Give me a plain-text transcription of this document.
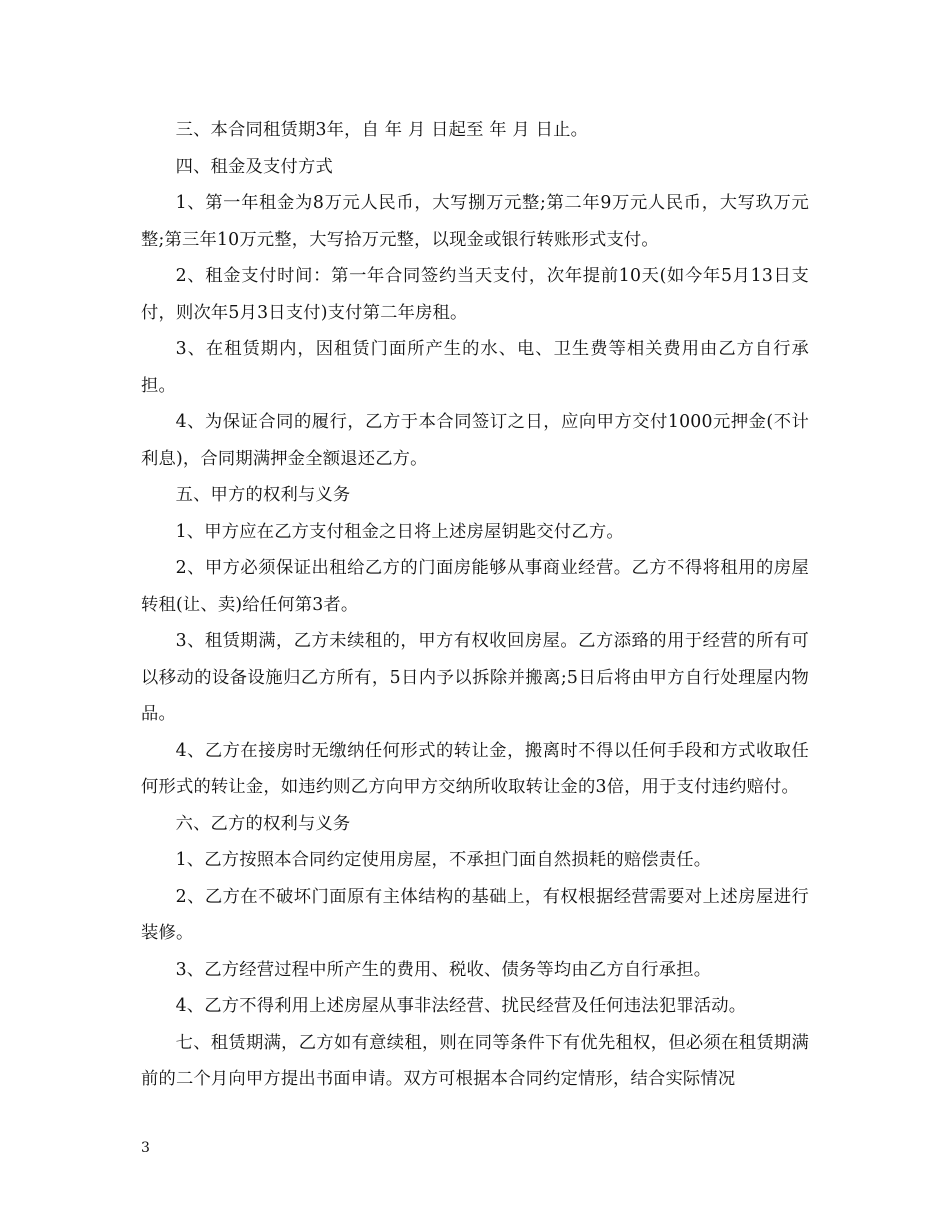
三、本合同租赁期3年，自 年 月 日起至 年 月 日止。

四、租金及支付方式

1、第一年租金为8万元人民币，大写捌万元整;第二年9万元人民币，大写玖万元整;第三年10万元整，大写拾万元整，以现金或银行转账形式支付。

2、租金支付时间：第一年合同签约当天支付，次年提前10天(如今年5月13日支付，则次年5月3日支付)支付第二年房租。

3、在租赁期内，因租赁门面所产生的水、电、卫生费等相关费用由乙方自行承担。

4、为保证合同的履行，乙方于本合同签订之日，应向甲方交付1000元押金(不计利息)，合同期满押金全额退还乙方。

五、甲方的权利与义务

1、甲方应在乙方支付租金之日将上述房屋钥匙交付乙方。

2、甲方必须保证出租给乙方的门面房能够从事商业经营。乙方不得将租用的房屋转租(让、卖)给任何第3者。

3、租赁期满，乙方未续租的，甲方有权收回房屋。乙方添臵的用于经营的所有可以移动的设备设施归乙方所有，5日内予以拆除并搬离;5日后将由甲方自行处理屋内物品。

4、乙方在接房时无缴纳任何形式的转让金，搬离时不得以任何手段和方式收取任何形式的转让金，如违约则乙方向甲方交纳所收取转让金的3倍，用于支付违约赔付。

六、乙方的权利与义务

1、乙方按照本合同约定使用房屋，不承担门面自然损耗的赔偿责任。

2、乙方在不破坏门面原有主体结构的基础上，有权根据经营需要对上述房屋进行装修。

3、乙方经营过程中所产生的费用、税收、债务等均由乙方自行承担。

4、乙方不得利用上述房屋从事非法经营、扰民经营及任何违法犯罪活动。

七、租赁期满，乙方如有意续租，则在同等条件下有优先租权，但必须在租赁期满前的二个月向甲方提出书面申请。双方可根据本合同约定情形，结合实际情况

3
